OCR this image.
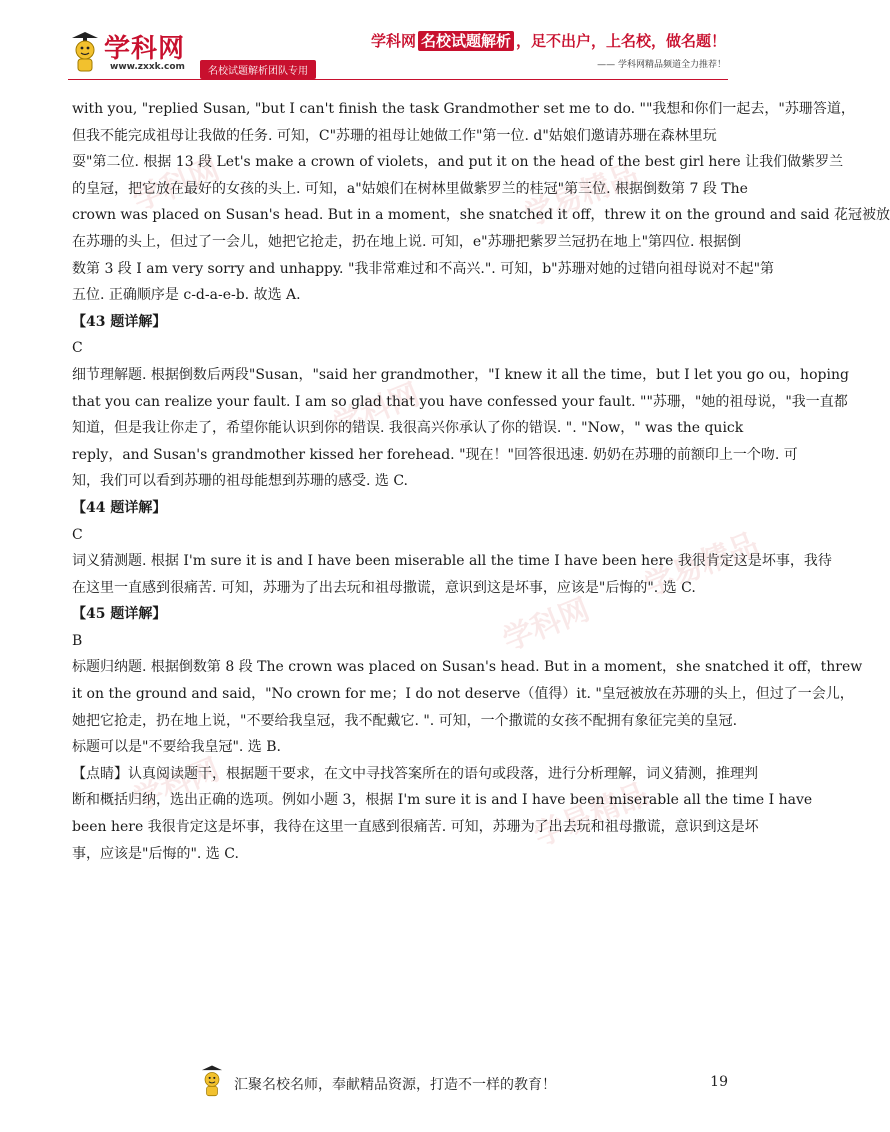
学科网
www.zxxk.com	名校试题解析团队专用
学科网 名校试题解析 ，足不出户，上名校，做名题！
—— 学科网精品频道全力推荐！
学科网	学易精品
学科网
学易精品
学科网
学科网	学易精品
with you, "replied Susan, "but I can't finish the task Grandmother set me to do. ""我想和你们一起去，"苏珊答道，
但我不能完成祖母让我做的任务. 可知，C"苏珊的祖母让她做工作"第一位. d"姑娘们邀请苏珊在森林里玩
耍"第二位. 根据 13 段 Let's make a crown of violets，and put it on the head of the best girl here 让我们做紫罗兰
的皇冠，把它放在最好的女孩的头上. 可知，a"姑娘们在树林里做紫罗兰的桂冠"第三位. 根据倒数第 7 段 The
crown was placed on Susan's head. But in a moment，she snatched it off，threw it on the ground and said 花冠被放
在苏珊的头上，但过了一会儿，她把它抢走，扔在地上说. 可知，e"苏珊把紫罗兰冠扔在地上"第四位. 根据倒
数第 3 段 I am very sorry and unhappy. "我非常难过和不高兴.". 可知，b"苏珊对她的过错向祖母说对不起"第
五位. 正确顺序是 c-d-a-e-b. 故选 A.
【43 题详解】
C
细节理解题. 根据倒数后两段"Susan，"said her grandmother，"I knew it all the time，but I let you go ou，hoping
that you can realize your fault. I am so glad that you have confessed your fault. ""苏珊，"她的祖母说，"我一直都
知道，但是我让你走了，希望你能认识到你的错误. 我很高兴你承认了你的错误. ". "Now，" was the quick
reply，and Susan's grandmother kissed her forehead. "现在！"回答很迅速. 奶奶在苏珊的前额印上一个吻. 可
知，我们可以看到苏珊的祖母能想到苏珊的感受. 选 C.
【44 题详解】
C
词义猜测题. 根据 I'm sure it is and I have been miserable all the time I have been here 我很肯定这是坏事，我待
在这里一直感到很痛苦. 可知，苏珊为了出去玩和祖母撒谎，意识到这是坏事，应该是"后悔的". 选 C.
【45 题详解】
B
标题归纳题. 根据倒数第 8 段 The crown was placed on Susan's head. But in a moment，she snatched it off，threw
it on the ground and said，"No crown for me；I do not deserve（值得）it. "皇冠被放在苏珊的头上，但过了一会儿，
她把它抢走，扔在地上说，"不要给我皇冠，我不配戴它. ". 可知，一个撒谎的女孩不配拥有象征完美的皇冠.
标题可以是"不要给我皇冠". 选 B.
【点睛】认真阅读题干，根据题干要求，在文中寻找答案所在的语句或段落，进行分析理解，词义猜测，推理判
断和概括归纳，选出正确的选项。例如小题 3，根据 I'm sure it is and I have been miserable all the time I have
been here 我很肯定这是坏事，我待在这里一直感到很痛苦. 可知，苏珊为了出去玩和祖母撒谎，意识到这是坏
事，应该是"后悔的". 选 C.
汇聚名校名师，奉献精品资源，打造不一样的教育！	19
